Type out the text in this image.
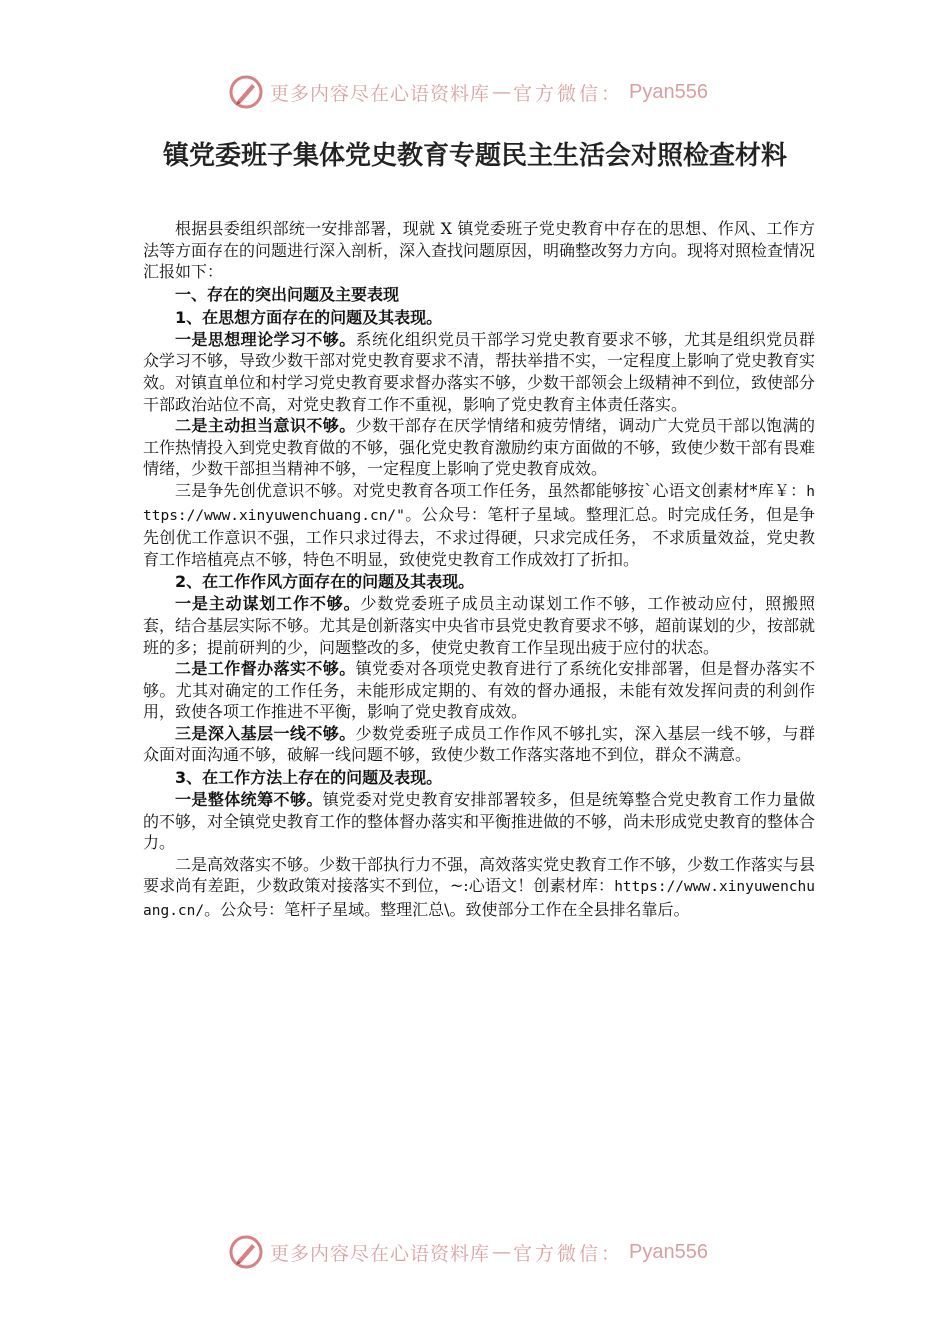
更多内容尽在心语资料库 — 官方微信： Pyan556
镇党委班子集体党史教育专题民主生活会对照检查材料

根据县委组织部统一安排部署，现就 X 镇党委班子党史教育中存在的思想、作风、工作方法等方面存在的问题进行深入剖析，深入查找问题原因，明确整改努力方向。现将对照检查情况汇报如下：

一、存在的突出问题及主要表现

1、在思想方面存在的问题及其表现。

一是思想理论学习不够。系统化组织党员干部学习党史教育要求不够，尤其是组织党员群众学习不够，导致少数干部对党史教育要求不清，帮扶举措不实，一定程度上影响了党史教育实效。对镇直单位和村学习党史教育要求督办落实不够，少数干部领会上级精神不到位，致使部分干部政治站位不高，对党史教育工作不重视，影响了党史教育主体责任落实。

二是主动担当意识不够。少数干部存在厌学情绪和疲劳情绪，调动广大党员干部以饱满的工作热情投入到党史教育做的不够，强化党史教育激励约束方面做的不够，致使少数干部有畏难情绪，少数干部担当精神不够，一定程度上影响了党史教育成效。

三是争先创优意识不够。对党史教育各项工作任务，虽然都能够按`心语文创素材*库￥：https://www.xinyuwenchuang.cn/"。公众号：笔杆子星域。整理汇总。时完成任务，但是争先创优工作意识不强，工作只求过得去，不求过得硬，只求完成任务， 不求质量效益，党史教育工作培植亮点不够，特色不明显，致使党史教育工作成效打了折扣。

2、在工作作风方面存在的问题及其表现。

一是主动谋划工作不够。少数党委班子成员主动谋划工作不够，工作被动应付，照搬照套，结合基层实际不够。尤其是创新落实中央省市县党史教育要求不够，超前谋划的少，按部就班的多；提前研判的少，问题整改的多，使党史教育工作呈现出疲于应付的状态。

二是工作督办落实不够。镇党委对各项党史教育进行了系统化安排部署，但是督办落实不够。尤其对确定的工作任务，未能形成定期的、有效的督办通报，未能有效发挥问责的利剑作用，致使各项工作推进不平衡，影响了党史教育成效。

三是深入基层一线不够。少数党委班子成员工作作风不够扎实，深入基层一线不够，与群众面对面沟通不够，破解一线问题不够，致使少数工作落实落地不到位，群众不满意。

3、在工作方法上存在的问题及表现。

一是整体统筹不够。镇党委对党史教育安排部署较多，但是统筹整合党史教育工作力量做的不够，对全镇党史教育工作的整体督办落实和平衡推进做的不够，尚未形成党史教育的整体合力。

二是高效落实不够。少数干部执行力不强，高效落实党史教育工作不够，少数工作落实与县要求尚有差距，少数政策对接落实不到位，~:心语文！创素材库：https://www.xinyuwenchuang.cn/。公众号：笔杆子星域。整理汇总\。致使部分工作在全县排名靠后。

更多内容尽在心语资料库 — 官方微信： Pyan556
